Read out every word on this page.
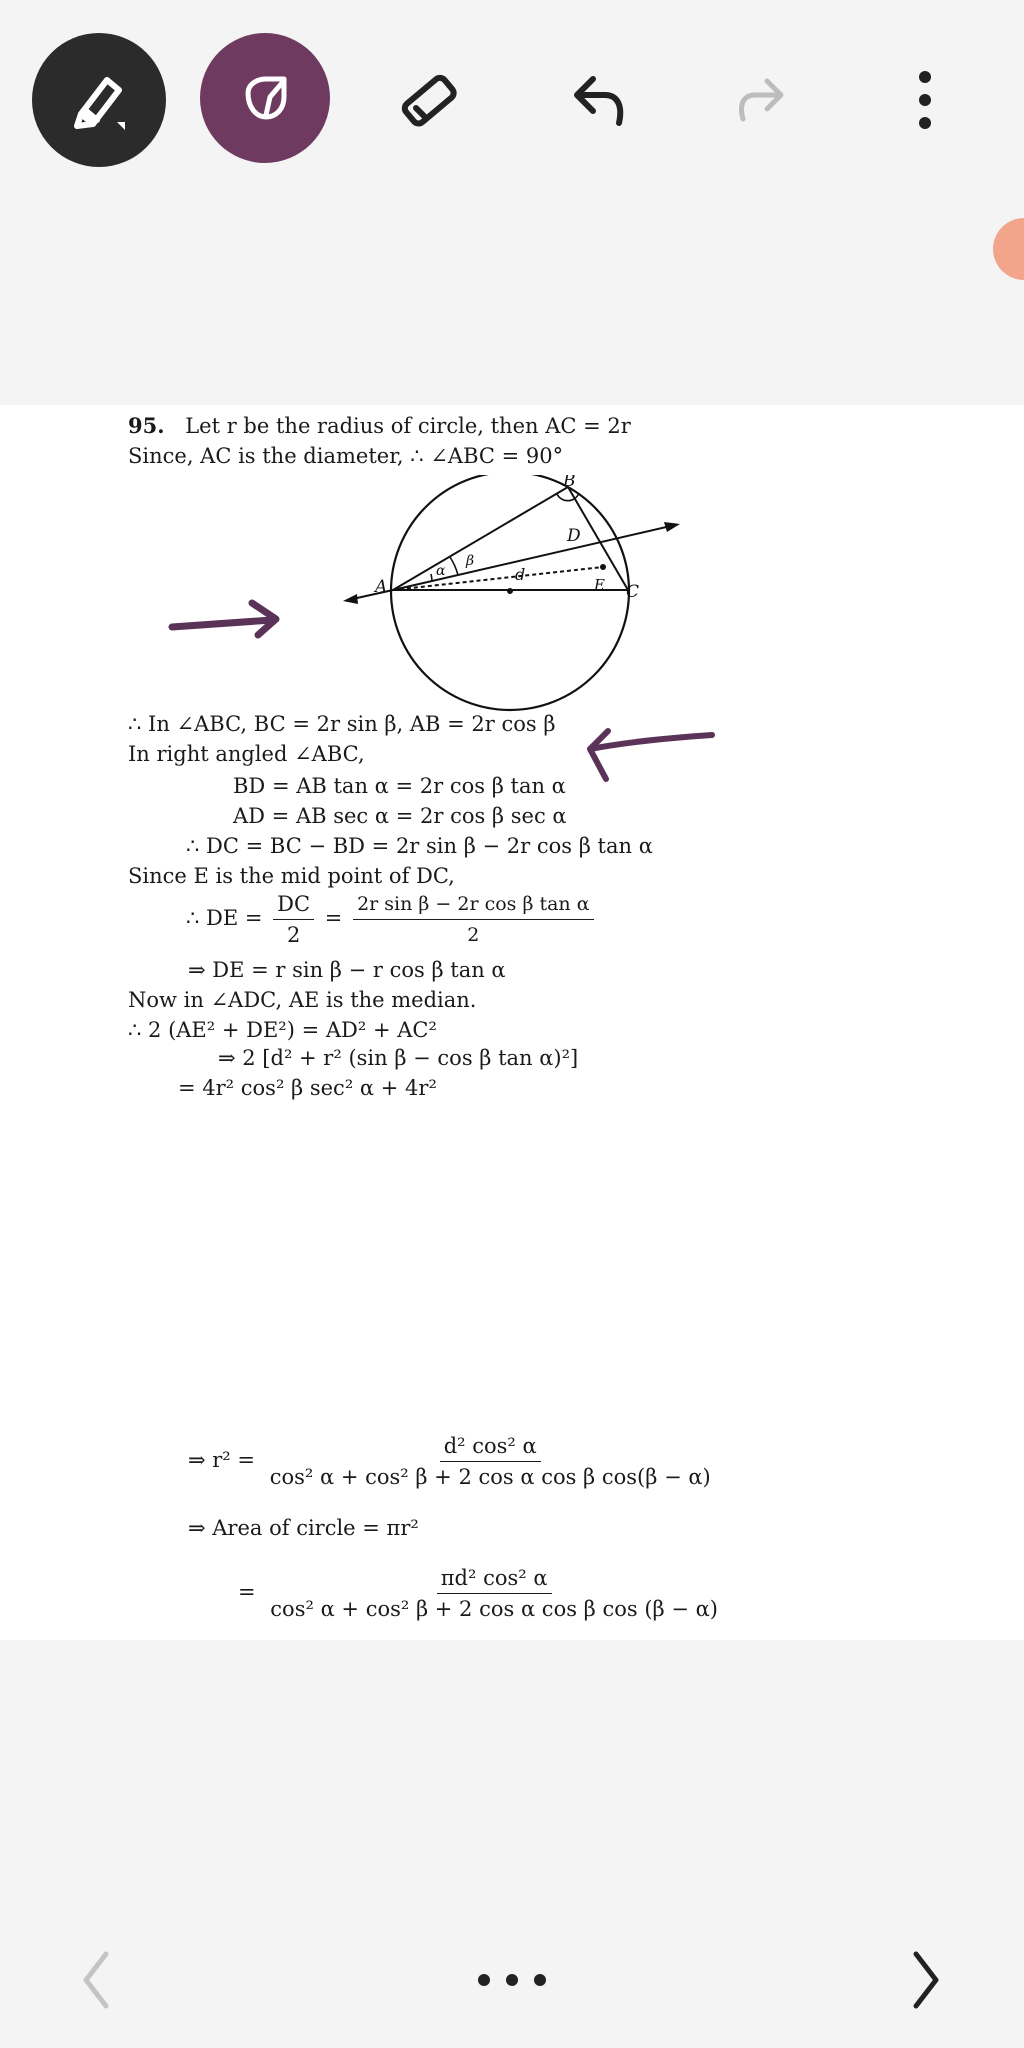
95. Let r be the radius of circle, then AC = 2r
Since, AC is the diameter, ∴ ∠ABC = 90°
A
B
C
D
E
d
α
β
∴ In ∠ABC, BC = 2r sin β, AB = 2r cos β
In right angled ∠ABC,
BD = AB tan α = 2r cos β tan α
AD = AB sec α = 2r cos β sec α
∴ DC = BC − BD = 2r sin β − 2r cos β tan α
Since E is the mid point of DC,
∴ DE = $\frac{DC}{2} = \frac{\text{2r sin β − 2r cos β tan α}}{2}$
⇒ DE = r sin β − r cos β tan α
Now in ∠ADC, AE is the median.
∴ 2 (AE² + DE²) = AD² + AC²
⇒ 2 [d² + r² (sin β − cos β tan α)²]
= 4r² cos² β sec² α + 4r²
⇒ $r^2 = \frac{\text{d² cos² α}}{\text{cos² α + cos² β + 2 cos α cos β cos(β − α)}}$
⇒ Area of circle = πr²
= $\frac{\text{πd² cos² α}}{\text{cos² α + cos² β + 2 cos α cos β cos (β − α)}}$
